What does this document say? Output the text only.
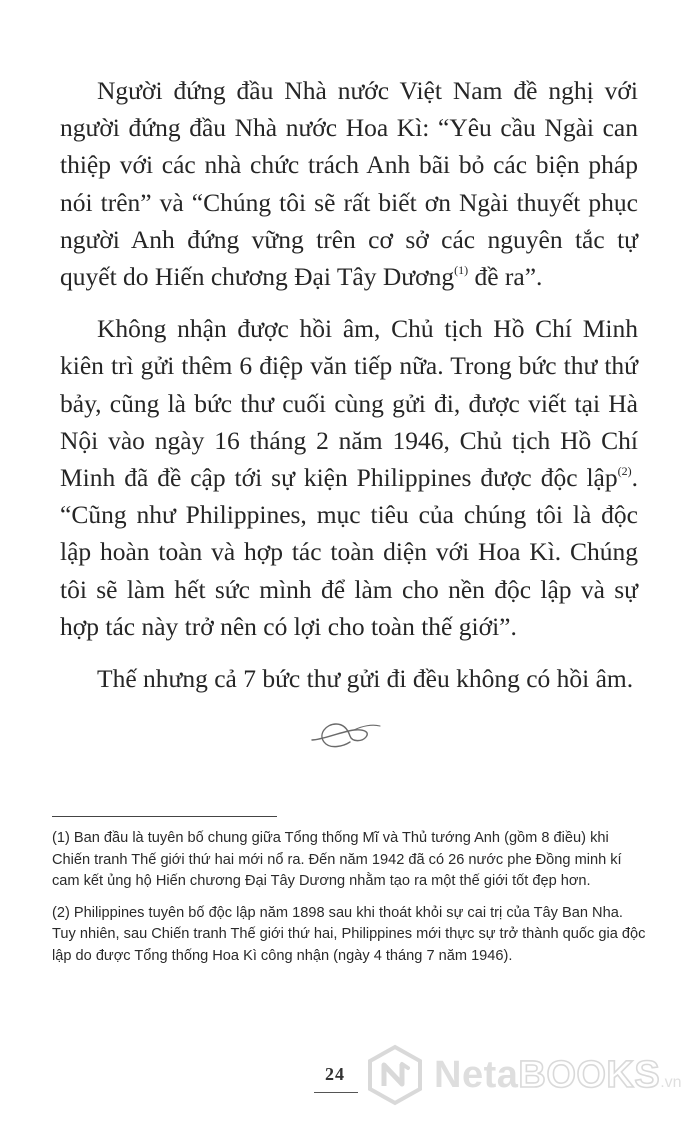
Người đứng đầu Nhà nước Việt Nam đề nghị với người đứng đầu Nhà nước Hoa Kì: “Yêu cầu Ngài can thiệp với các nhà chức trách Anh bãi bỏ các biện pháp nói trên” và “Chúng tôi sẽ rất biết ơn Ngài thuyết phục người Anh đứng vững trên cơ sở các nguyên tắc tự quyết do Hiến chương Đại Tây Dương$^{(1)}$ đề ra”.

Không nhận được hồi âm, Chủ tịch Hồ Chí Minh kiên trì gửi thêm 6 điệp văn tiếp nữa. Trong bức thư thứ bảy, cũng là bức thư cuối cùng gửi đi, được viết tại Hà Nội vào ngày 16 tháng 2 năm 1946, Chủ tịch Hồ Chí Minh đã đề cập tới sự kiện Philippines được độc lập$^{(2)}$. “Cũng như Philippines, mục tiêu của chúng tôi là độc lập hoàn toàn và hợp tác toàn diện với Hoa Kì. Chúng tôi sẽ làm hết sức mình để làm cho nền độc lập và sự hợp tác này trở nên có lợi cho toàn thế giới”.

Thế nhưng cả 7 bức thư gửi đi đều không có hồi âm.

(1) Ban đầu là tuyên bố chung giữa Tổng thống Mĩ và Thủ tướng Anh (gồm 8 điều) khi Chiến tranh Thế giới thứ hai mới nổ ra. Đến năm 1942 đã có 26 nước phe Đồng minh kí cam kết ủng hộ Hiến chương Đại Tây Dương nhằm tạo ra một thế giới tốt đẹp hơn.

(2) Philippines tuyên bố độc lập năm 1898 sau khi thoát khỏi sự cai trị của Tây Ban Nha. Tuy nhiên, sau Chiến tranh Thế giới thứ hai, Philippines mới thực sự trở thành quốc gia độc lập do được Tổng thống Hoa Kì công nhận (ngày 4 tháng 7 năm 1946).

24	NetaBOOKS.vn
